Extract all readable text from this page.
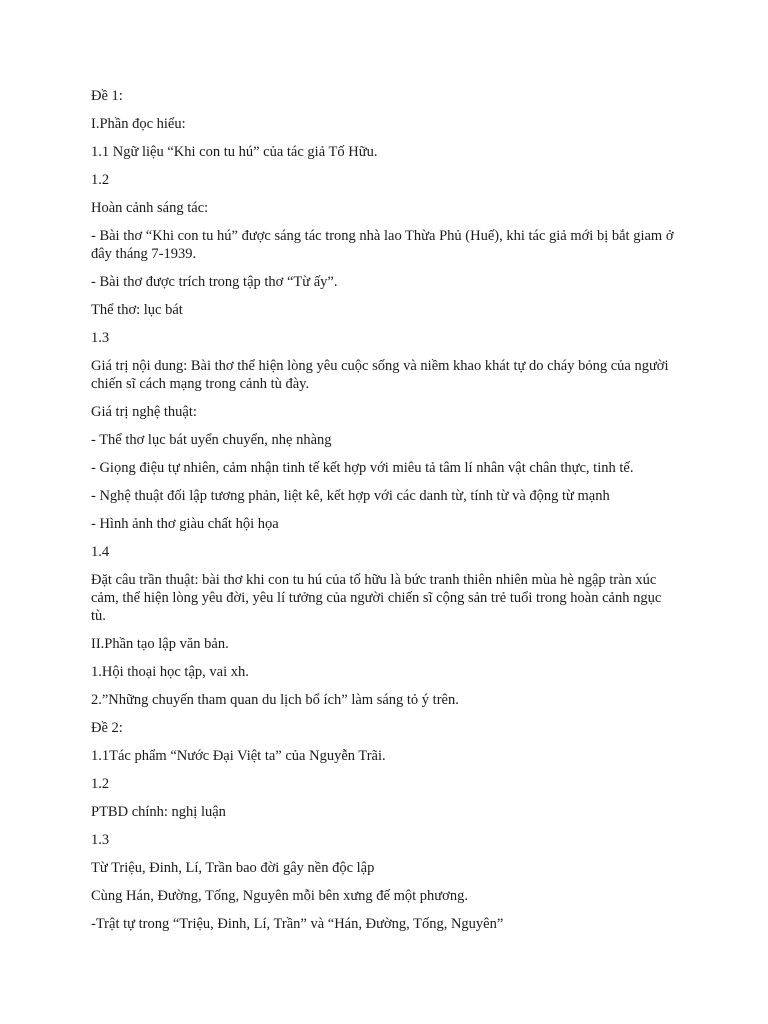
Đề 1:

I.Phần đọc hiểu:

1.1 Ngữ liệu “Khi con tu hú” của tác giả Tố Hữu.

1.2

Hoàn cảnh sáng tác:

- Bài thơ “Khi con tu hú” được sáng tác trong nhà lao Thừa Phủ (Huế), khi tác giả mới bị bắt giam ở đây tháng 7-1939.

- Bài thơ được trích trong tập thơ “Từ ấy”.

Thể thơ: lục bát

1.3

Giá trị nội dung: Bài thơ thể hiện lòng yêu cuộc sống và niềm khao khát tự do cháy bỏng của người chiến sĩ cách mạng trong cảnh tù đày.

Giá trị nghệ thuật:

- Thể thơ lục bát uyển chuyển, nhẹ nhàng

- Giọng điệu tự nhiên, cảm nhận tinh tế kết hợp với miêu tả tâm lí nhân vật chân thực, tinh tế.

- Nghệ thuật đối lập tương phản, liệt kê, kết hợp với các danh từ, tính từ và động từ mạnh

- Hình ảnh thơ giàu chất hội họa

1.4

Đặt câu trần thuật: bài thơ khi con tu hú của tố hữu là bức tranh thiên nhiên mùa hè ngập tràn xúc cảm, thể hiện lòng yêu đời, yêu lí tưởng của người chiến sĩ cộng sản trẻ tuổi trong hoàn cảnh ngục tù.

II.Phần tạo lập văn bản.

1.Hội thoại học tập, vai xh.

2.”Những chuyến tham quan du lịch bổ ích” làm sáng tỏ ý trên.

Đề 2:

1.1Tác phẩm “Nước Đại Việt ta” của Nguyễn Trãi.

1.2

PTBD chính: nghị luận

1.3

Từ Triệu, Đinh, Lí, Trần bao đời gây nền độc lập

Cùng Hán, Đường, Tống, Nguyên mỗi bên xưng đế một phương.

-Trật tự trong “Triệu, Đinh, Lí, Trần” và “Hán, Đường, Tống, Nguyên”
